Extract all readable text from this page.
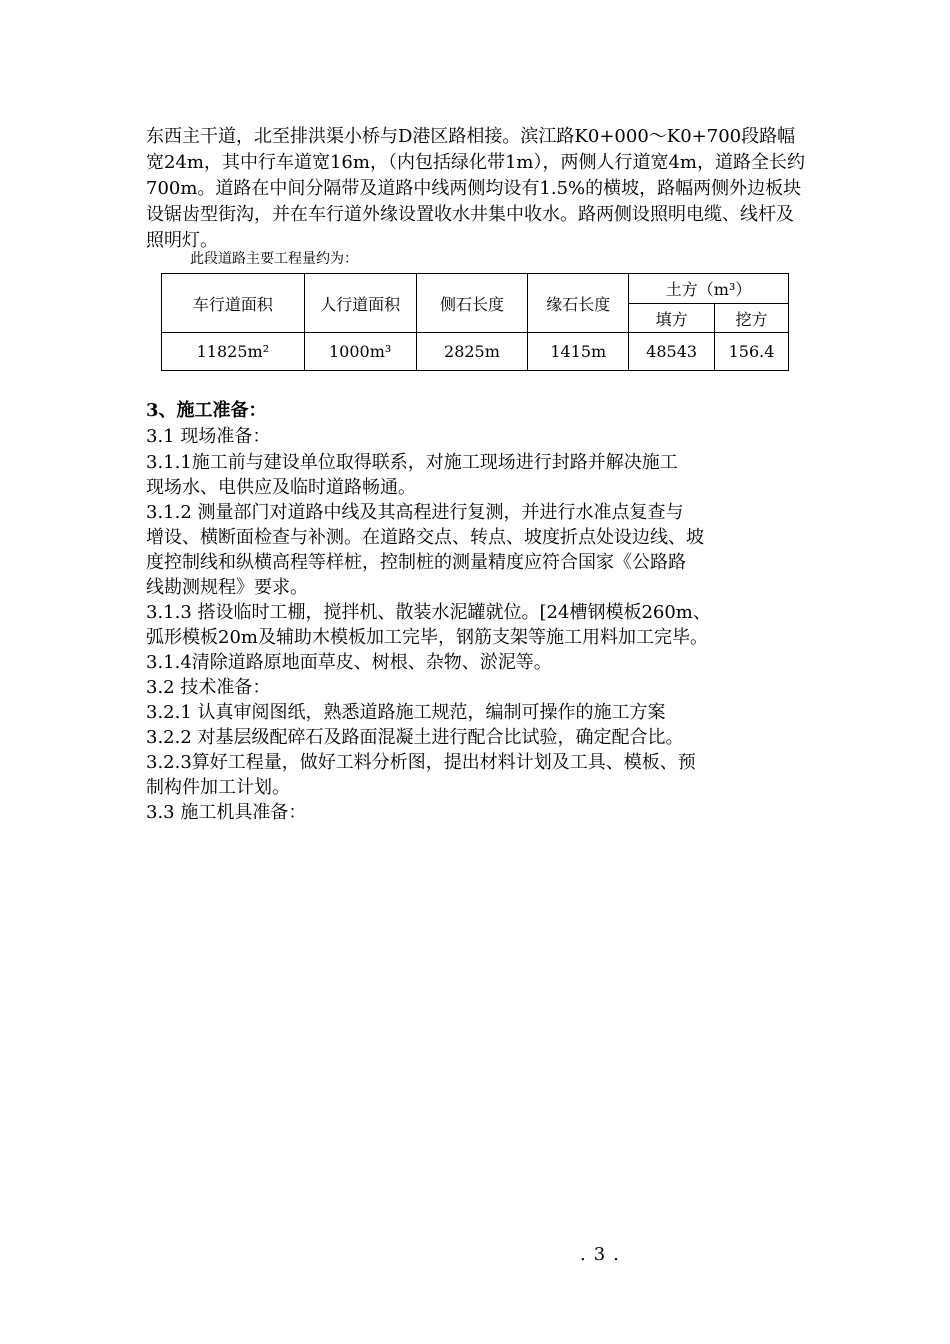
东西主干道，北至排洪渠小桥与D港区路相接。滨江路K0+000～K0+700段路幅宽24m，其中行车道宽16m，（内包括绿化带1m），两侧人行道宽4m，道路全长约700m。道路在中间分隔带及道路中线两侧均设有1.5%的横坡，路幅两侧外边板块设锯齿型街沟，并在车行道外缘设置收水井集中收水。路两侧设照明电缆、线杆及照明灯。

此段道路主要工程量约为：
车行道面积	人行道面积	侧石长度	缘石长度	土方（m³）	
				填方	挖方
11825m²	1000m³	2825m	1415m	48543	156.4
3、施工准备：
3.1 现场准备：
3.1.1施工前与建设单位取得联系，对施工现场进行封路并解决施工
现场水、电供应及临时道路畅通。
3.1.2 测量部门对道路中线及其高程进行复测，并进行水准点复查与
增设、横断面检查与补测。在道路交点、转点、坡度折点处设边线、坡
度控制线和纵横高程等样桩，控制桩的测量精度应符合国家《公路路
线勘测规程》要求。
3.1.3 搭设临时工棚，搅拌机、散装水泥罐就位。[24槽钢模板260m、
弧形模板20m及辅助木模板加工完毕，钢筋支架等施工用料加工完毕。
3.1.4清除道路原地面草皮、树根、杂物、淤泥等。
3.2 技术准备：
3.2.1 认真审阅图纸，熟悉道路施工规范，编制可操作的施工方案
3.2.2 对基层级配碎石及路面混凝土进行配合比试验，确定配合比。
3.2.3算好工程量，做好工料分析图，提出材料计划及工具、模板、预
制构件加工计划。
3.3 施工机具准备：
.3.
